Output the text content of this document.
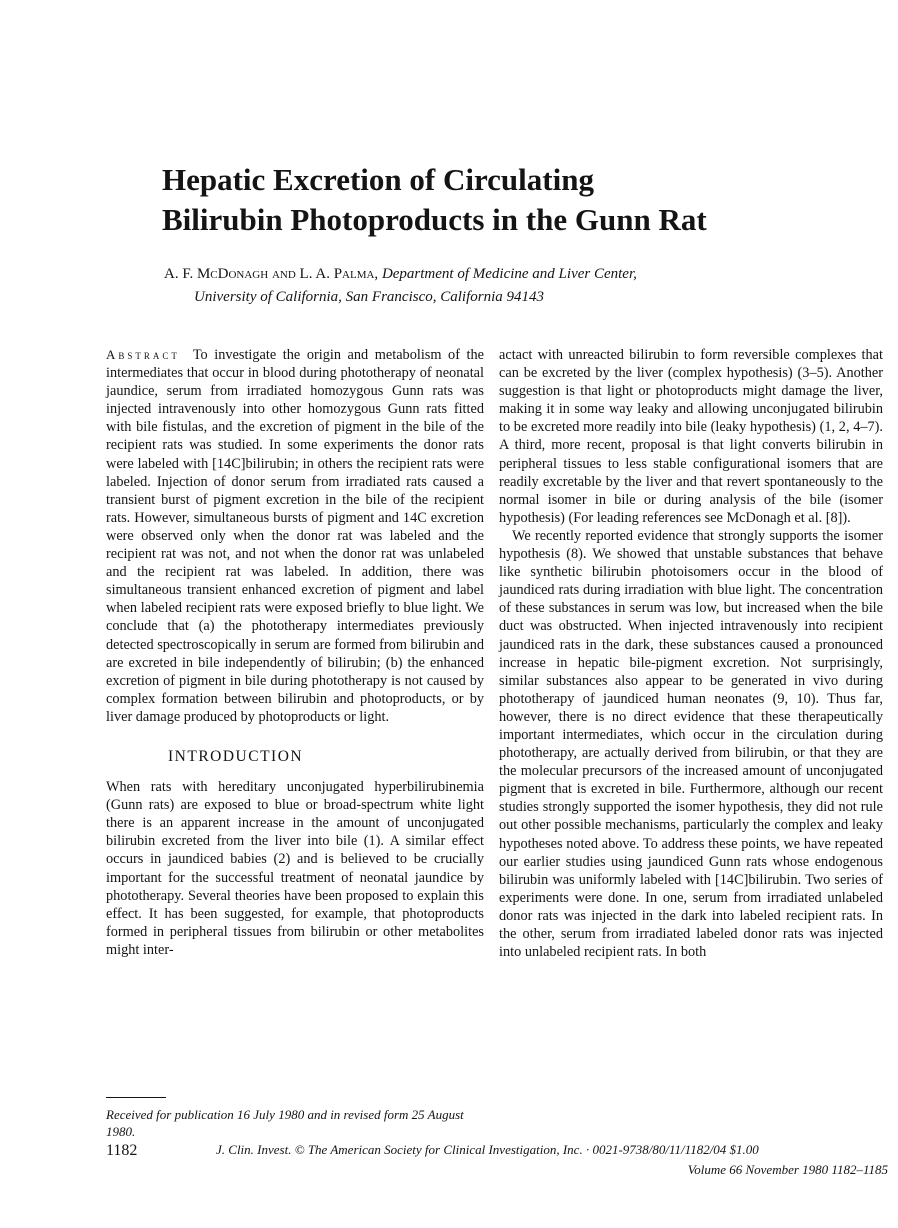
Hepatic Excretion of Circulating
Bilirubin Photoproducts in the Gunn Rat

A. F. McDonagh and L. A. Palma, Department of Medicine and Liver Center,
University of California, San Francisco, California 94143

Abstract To investigate the origin and metabolism of the intermediates that occur in blood during phototherapy of neonatal jaundice, serum from irradiated homozygous Gunn rats was injected intravenously into other homozygous Gunn rats fitted with bile fistulas, and the excretion of pigment in the bile of the recipient rats was studied. In some experiments the donor rats were labeled with [14C]bilirubin; in others the recipient rats were labeled. Injection of donor serum from irradiated rats caused a transient burst of pigment excretion in the bile of the recipient rats. However, simultaneous bursts of pigment and 14C excretion were observed only when the donor rat was labeled and the recipient rat was not, and not when the donor rat was unlabeled and the recipient rat was labeled. In addition, there was simultaneous transient enhanced excretion of pigment and label when labeled recipient rats were exposed briefly to blue light. We conclude that (a) the phototherapy intermediates previously detected spectroscopically in serum are formed from bilirubin and are excreted in bile independently of bilirubin; (b) the enhanced excretion of pigment in bile during phototherapy is not caused by complex formation between bilirubin and photoproducts, or by liver damage produced by photoproducts or light.

INTRODUCTION

When rats with hereditary unconjugated hyperbilirubinemia (Gunn rats) are exposed to blue or broad-spectrum white light there is an apparent increase in the amount of unconjugated bilirubin excreted from the liver into bile (1). A similar effect occurs in jaundiced babies (2) and is believed to be crucially important for the successful treatment of neonatal jaundice by phototherapy. Several theories have been proposed to explain this effect. It has been suggested, for example, that photoproducts formed in peripheral tissues from bilirubin or other metabolites might inter-

actact with unreacted bilirubin to form reversible complexes that can be excreted by the liver (complex hypothesis) (3–5). Another suggestion is that light or photoproducts might damage the liver, making it in some way leaky and allowing unconjugated bilirubin to be excreted more readily into bile (leaky hypothesis) (1, 2, 4–7). A third, more recent, proposal is that light converts bilirubin in peripheral tissues to less stable configurational isomers that are readily excretable by the liver and that revert spontaneously to the normal isomer in bile or during analysis of the bile (isomer hypothesis) (For leading references see McDonagh et al. [8]).

We recently reported evidence that strongly supports the isomer hypothesis (8). We showed that unstable substances that behave like synthetic bilirubin photoisomers occur in the blood of jaundiced rats during irradiation with blue light. The concentration of these substances in serum was low, but increased when the bile duct was obstructed. When injected intravenously into recipient jaundiced rats in the dark, these substances caused a pronounced increase in hepatic bile-pigment excretion. Not surprisingly, similar substances also appear to be generated in vivo during phototherapy of jaundiced human neonates (9, 10). Thus far, however, there is no direct evidence that these therapeutically important intermediates, which occur in the circulation during phototherapy, are actually derived from bilirubin, or that they are the molecular precursors of the increased amount of unconjugated pigment that is excreted in bile. Furthermore, although our recent studies strongly supported the isomer hypothesis, they did not rule out other possible mechanisms, particularly the complex and leaky hypotheses noted above. To address these points, we have repeated our earlier studies using jaundiced Gunn rats whose endogenous bilirubin was uniformly labeled with [14C]bilirubin. Two series of experiments were done. In one, serum from irradiated unlabeled donor rats was injected in the dark into labeled recipient rats. In the other, serum from irradiated labeled donor rats was injected into unlabeled recipient rats. In both

Received for publication 16 July 1980 and in revised form 25 August 1980.

1182	J. Clin. Invest. © The American Society for Clinical Investigation, Inc. · 0021-9738/80/11/1182/04 $1.00
Volume 66 November 1980 1182–1185
